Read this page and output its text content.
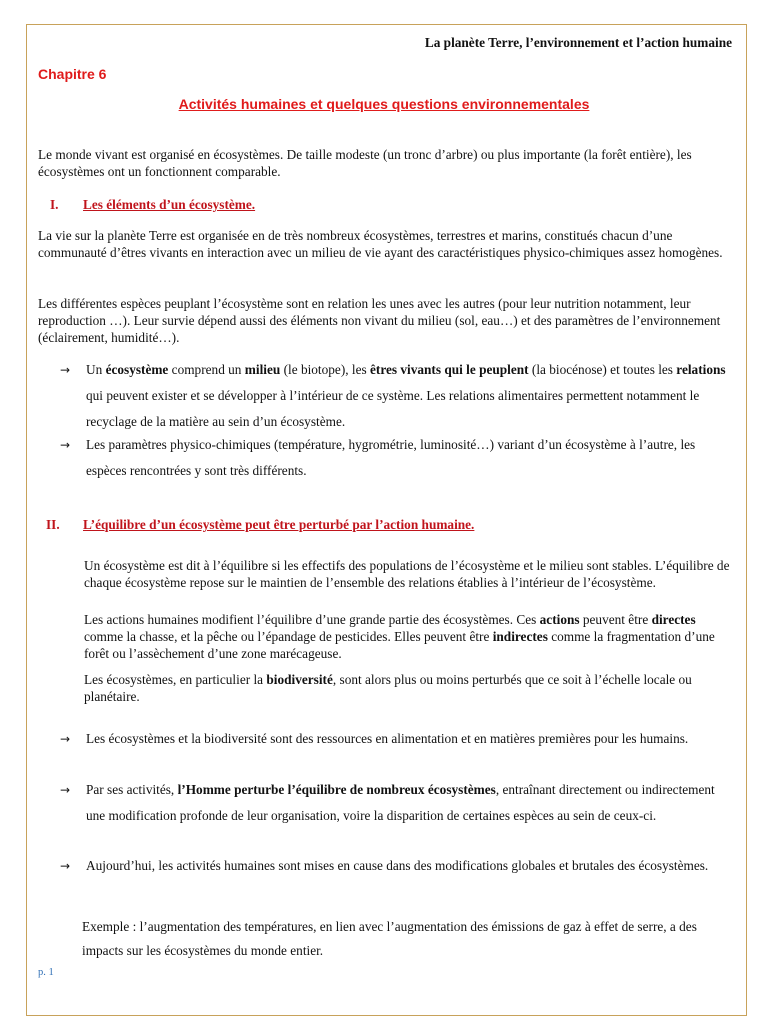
La planète Terre, l’environnement et l’action humaine
Chapitre 6
Activités humaines et quelques questions environnementales
Le monde vivant est organisé en écosystèmes. De taille modeste (un tronc d’arbre) ou plus importante (la forêt entière), les écosystèmes ont un fonctionnent comparable.
I. Les éléments d’un écosystème.
La vie sur la planète Terre est organisée en de très nombreux écosystèmes, terrestres et marins, constitués chacun d’une communauté d’êtres vivants en interaction avec un milieu de vie ayant des caractéristiques physico-chimiques assez homogènes.
Les différentes espèces peuplant l’écosystème sont en relation les unes avec les autres (pour leur nutrition notamment, leur reproduction …). Leur survie dépend aussi des éléments non vivant du milieu (sol, eau…) et des paramètres de l’environnement (éclairement, humidité…).
→ Un écosystème comprend un milieu (le biotope), les êtres vivants qui le peuplent (la biocénose) et toutes les relations qui peuvent exister et se développer à l’intérieur de ce système. Les relations alimentaires permettent notamment le recyclage de la matière au sein d’un écosystème.
→ Les paramètres physico-chimiques (température, hygrométrie, luminosité…) variant d’un écosystème à l’autre, les espèces rencontrées y sont très différents.
II. L’équilibre d’un écosystème peut être perturbé par l’action humaine.
Un écosystème est dit à l’équilibre si les effectifs des populations de l’écosystème et le milieu sont stables. L’équilibre de chaque écosystème repose sur le maintien de l’ensemble des relations établies à l’intérieur de l’écosystème.
Les actions humaines modifient l’équilibre d’une grande partie des écosystèmes. Ces actions peuvent être directes comme la chasse, et la pêche ou l’épandage de pesticides. Elles peuvent être indirectes comme la fragmentation d’une forêt ou l’assèchement d’une zone marécageuse.
Les écosystèmes, en particulier la biodiversité, sont alors plus ou moins perturbés que ce soit à l’échelle locale ou planétaire.
→ Les écosystèmes et la biodiversité sont des ressources en alimentation et en matières premières pour les humains.
→ Par ses activités, l’Homme perturbe l’équilibre de nombreux écosystèmes, entraînant directement ou indirectement une modification profonde de leur organisation, voire la disparition de certaines espèces au sein de ceux-ci.
→ Aujourd’hui, les activités humaines sont mises en cause dans des modifications globales et brutales des écosystèmes.
Exemple : l’augmentation des températures, en lien avec l’augmentation des émissions de gaz à effet de serre, a des impacts sur les écosystèmes du monde entier.
p. 1
